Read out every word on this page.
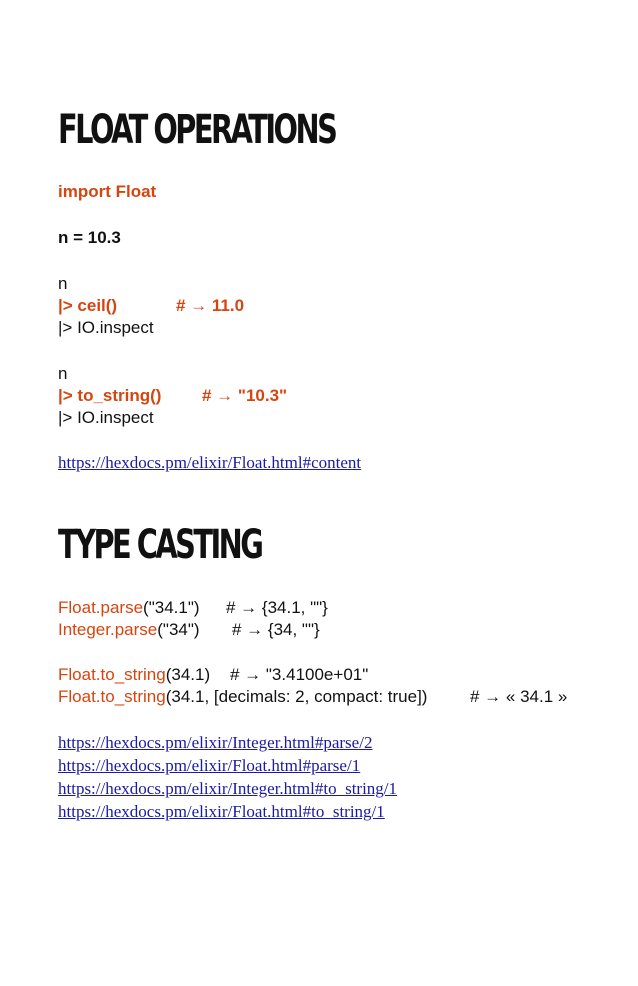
FLOAT OPERATIONS
import Float
n = 10.3
n
|> ceil()	# → 11.0
|> IO.inspect
n
|> to_string() # → "10.3"
|> IO.inspect
https://hexdocs.pm/elixir/Float.html#content
TYPE CASTING
Float.parse("34.1") # → {34.1, ""}
Integer.parse("34") # → {34, ""}
Float.to_string(34.1) # → "3.4100e+01"
Float.to_string(34.1, [decimals: 2, compact: true])	# → « 34.1 »
https://hexdocs.pm/elixir/Integer.html#parse/2
https://hexdocs.pm/elixir/Float.html#parse/1
https://hexdocs.pm/elixir/Integer.html#to_string/1
https://hexdocs.pm/elixir/Float.html#to_string/1
